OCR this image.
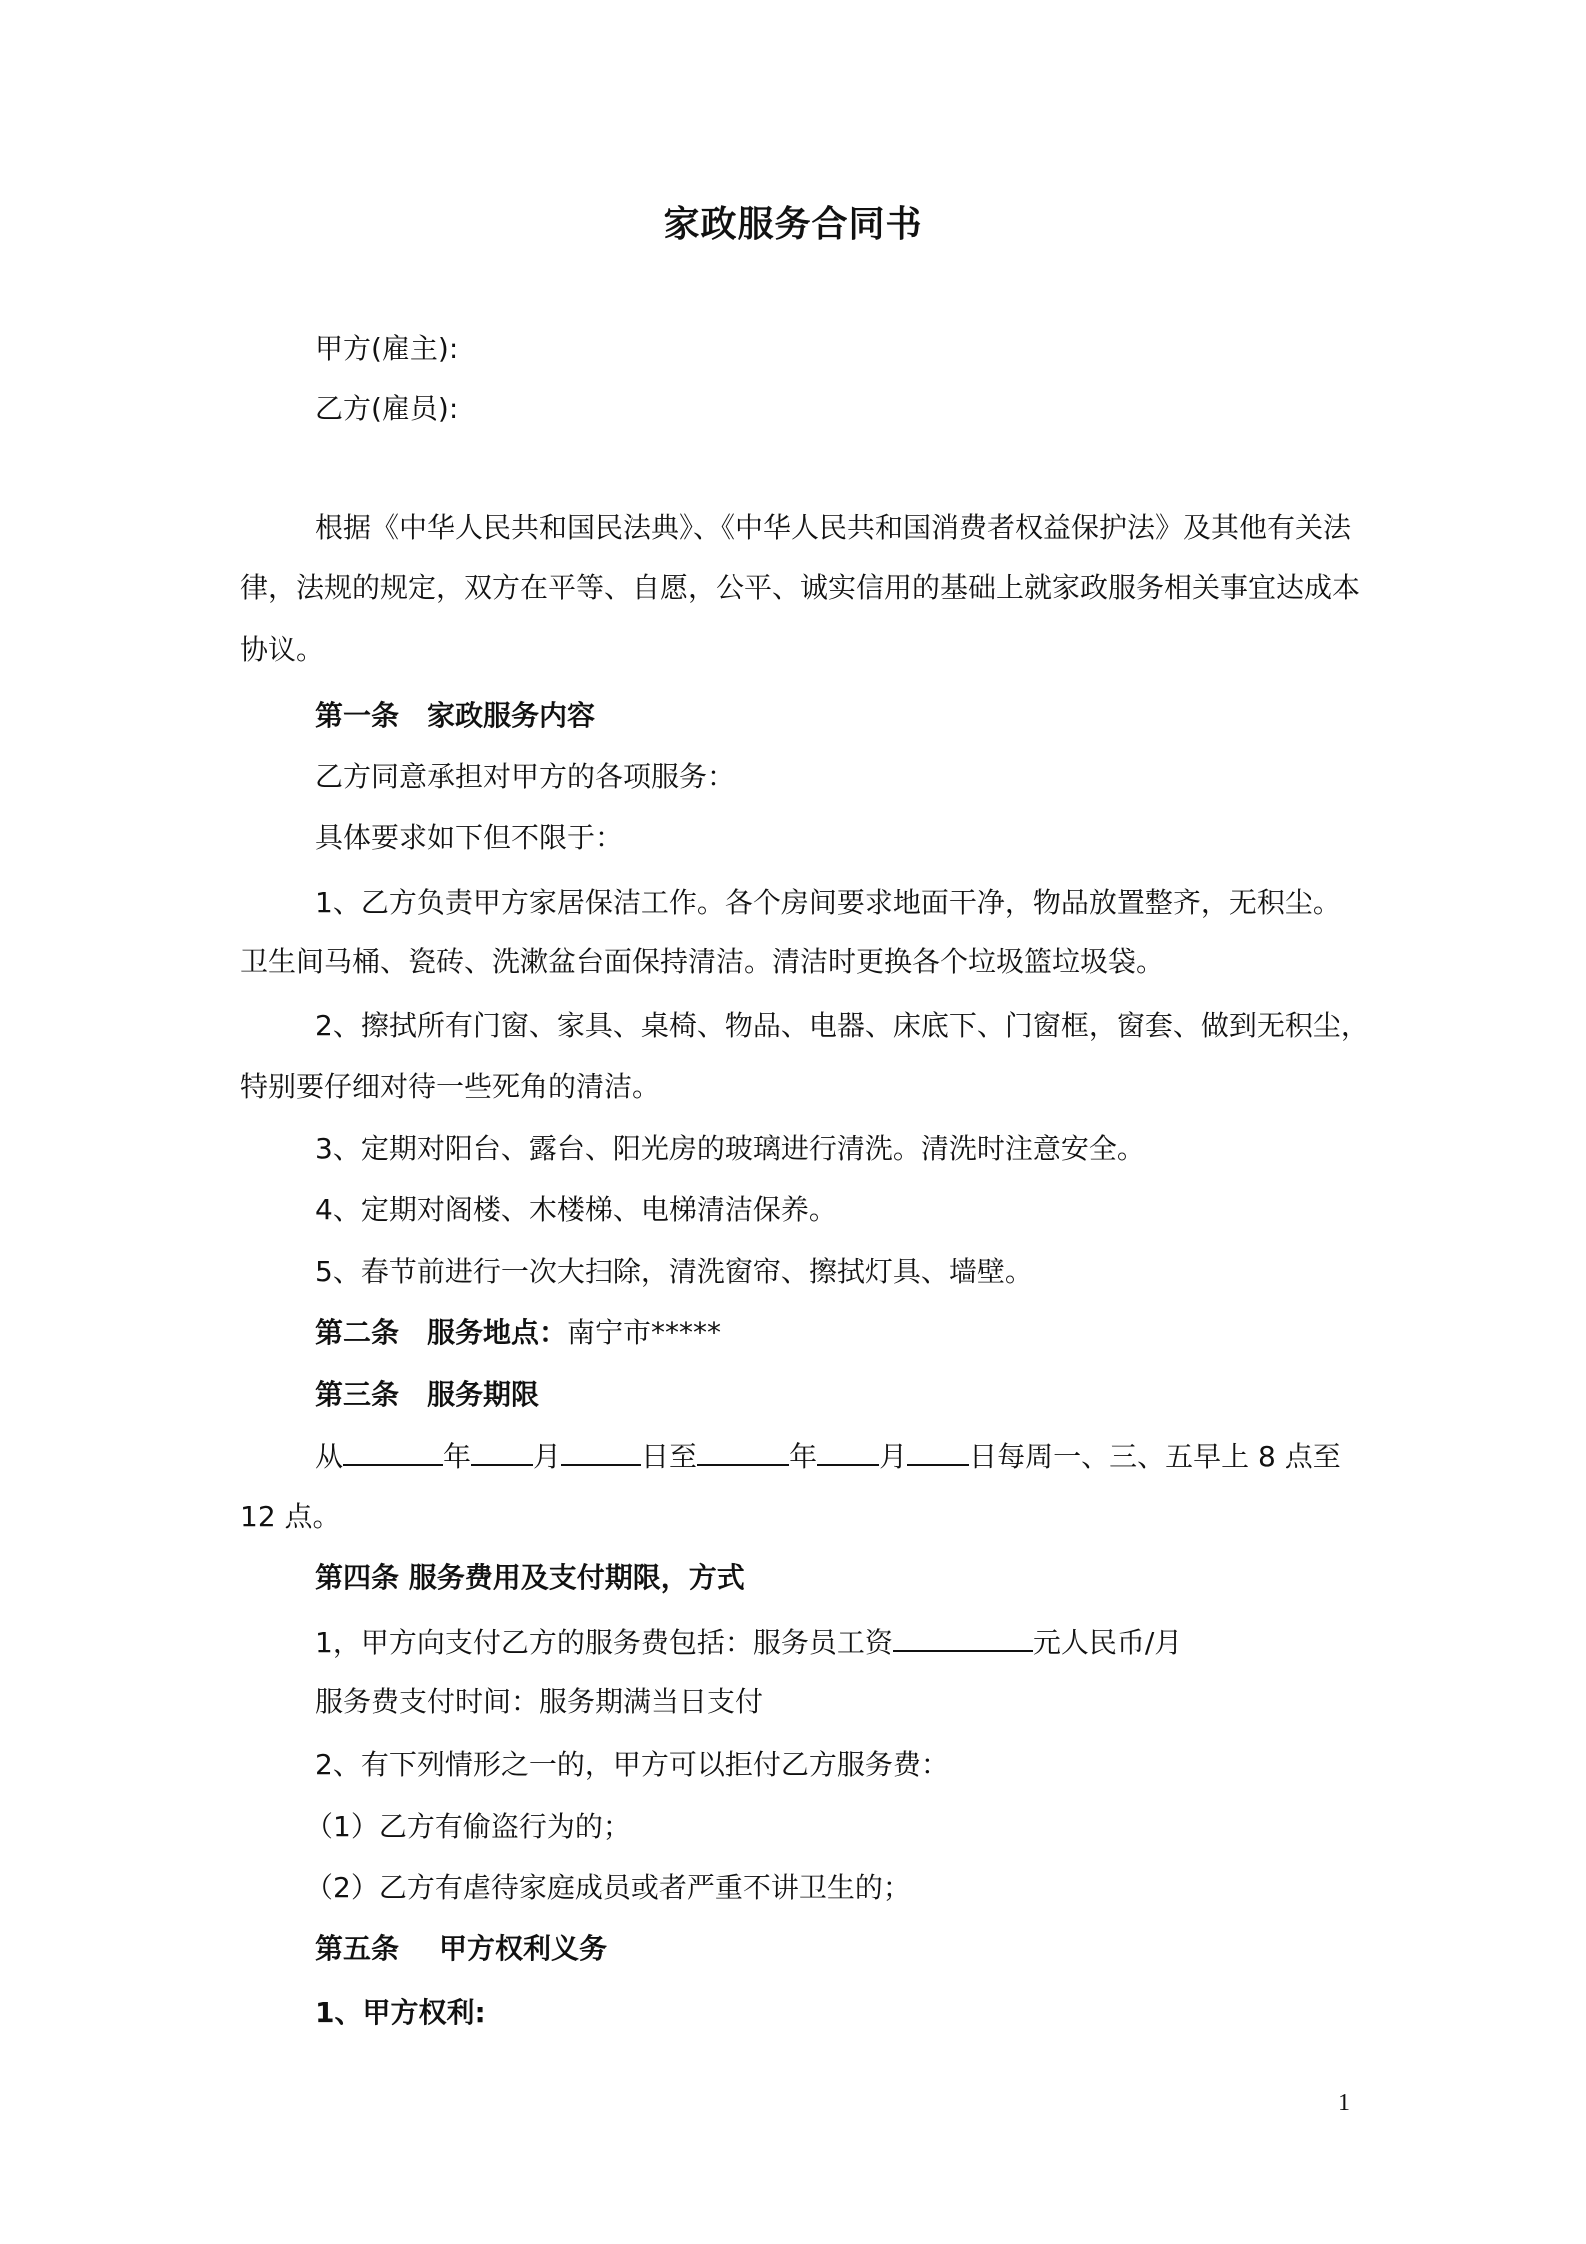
家政服务合同书
甲方(雇主):
乙方(雇员):
根据《中华人民共和国民法典》、《中华人民共和国消费者权益保护法》及其他有关法
律，法规的规定，双方在平等、自愿，公平、诚实信用的基础上就家政服务相关事宜达成本
协议。
第一条 家政服务内容
乙方同意承担对甲方的各项服务：
具体要求如下但不限于：
1、乙方负责甲方家居保洁工作。各个房间要求地面干净，物品放置整齐，无积尘。
卫生间马桶、瓷砖、洗漱盆台面保持清洁。清洁时更换各个垃圾篮垃圾袋。
2、擦拭所有门窗、家具、桌椅、物品、电器、床底下、门窗框，窗套、做到无积尘，
特别要仔细对待一些死角的清洁。
3、定期对阳台、露台、阳光房的玻璃进行清洗。清洗时注意安全。
4、定期对阁楼、木楼梯、电梯清洁保养。
5、春节前进行一次大扫除，清洗窗帘、擦拭灯具、墙壁。
第二条 服务地点：南宁市*****
第三条 服务期限
从	年 月	日至	年 月 日每周一、三、五早上 8 点至
12 点。
第四条 服务费用及支付期限，方式
1，甲方向支付乙方的服务费包括：服务员工资	元人民币/月
服务费支付时间：服务期满当日支付
2、有下列情形之一的，甲方可以拒付乙方服务费：
（1）乙方有偷盗行为的；
（2）乙方有虐待家庭成员或者严重不讲卫生的；
第五条 甲方权利义务
1、甲方权利:
1
